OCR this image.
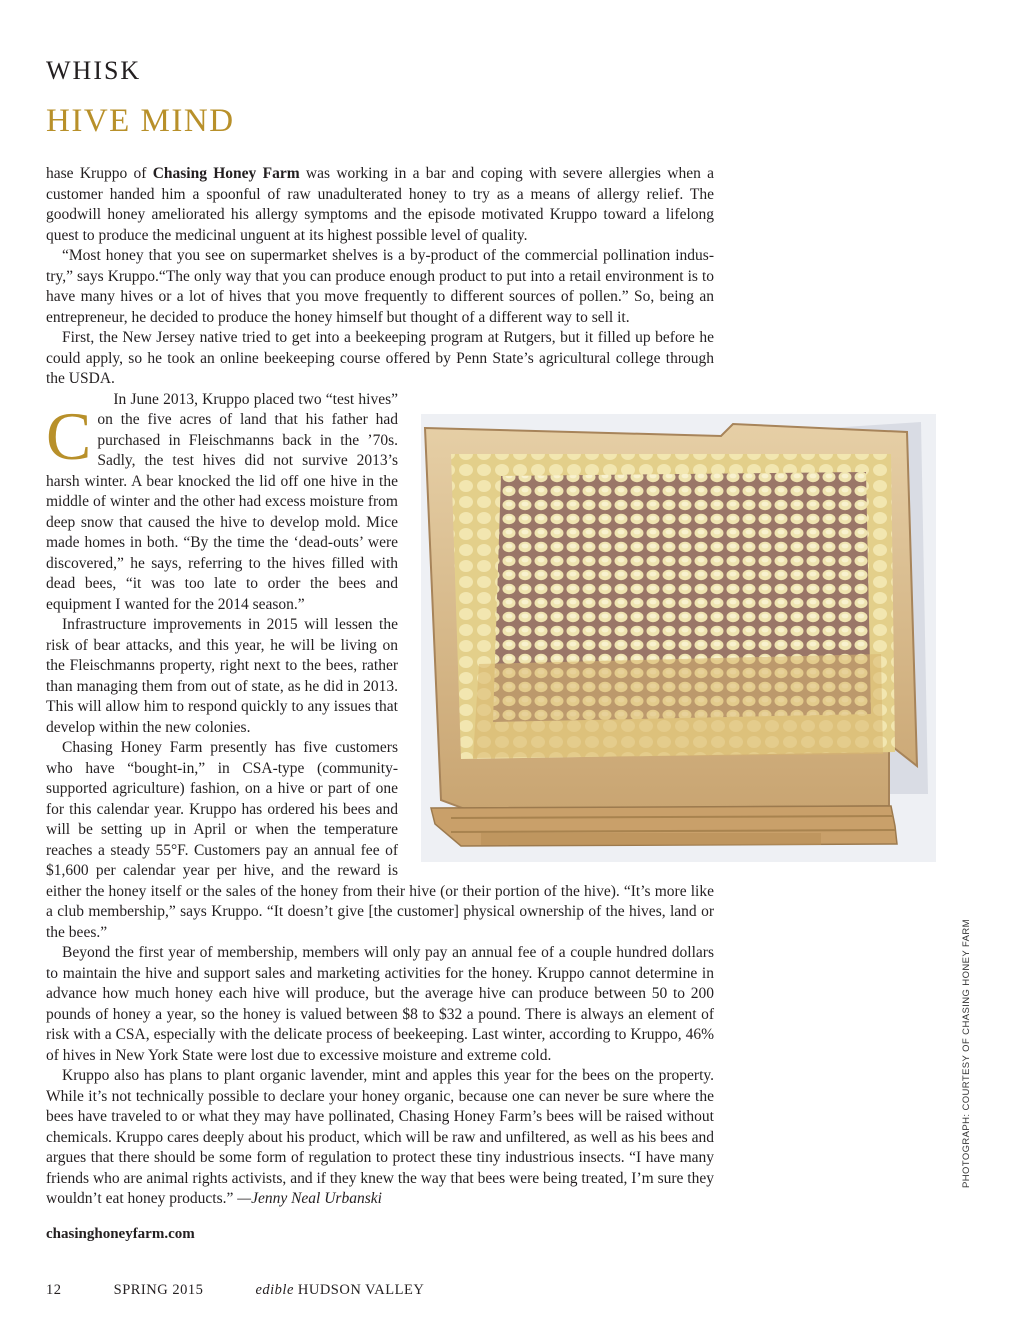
WHISK
HIVE MIND

C
hase Kruppo of Chasing Honey Farm was working in a bar and coping with severe allergies when a customer handed him a spoonful of raw unadulterated honey to try as a means of allergy relief. The goodwill honey ameliorated his allergy symptoms and the episode motivated Kruppo toward a lifelong quest to produce the medicinal unguent at its highest possible level of quality.

“Most honey that you see on supermarket shelves is a by-product of the commercial pollination industry,” says Kruppo.“The only way that you can produce enough product to put into a retail environment is to have many hives or a lot of hives that you move frequently to different sources of pollen.” So, being an entrepreneur, he decided to produce the honey himself but thought of a different way to sell it.

First, the New Jersey native tried to get into a beekeeping program at Rutgers, but it filled up before he could apply, so he took an online beekeeping course offered by Penn State’s agricultural college through the USDA.

In June 2013, Kruppo placed two “test hives” on the five acres of land that his father had purchased in Fleischmanns back in the ’70s. Sadly, the test hives did not survive 2013’s harsh winter. A bear knocked the lid off one hive in the middle of winter and the other had excess moisture from deep snow that caused the hive to develop mold. Mice made homes in both. “By the time the ‘dead-outs’ were discovered,” he says, referring to the hives filled with dead bees, “it was too late to order the bees and equipment I wanted for the 2014 season.”

Infrastructure improvements in 2015 will lessen the risk of bear attacks, and this year, he will be living on the Fleischmanns property, right next to the bees, rather than managing them from out of state, as he did in 2013. This will allow him to respond quickly to any issues that develop within the new colonies.

Chasing Honey Farm presently has five customers who have “bought-in,” in CSA-type (community-supported agriculture) fashion, on a hive or part of one for this calendar year. Kruppo has ordered his bees and will be setting up in April or when the temperature reaches a steady 55°F. Customers pay an annual fee of $1,600 per calendar year per hive, and the reward is either the honey itself or the sales of the honey from their hive (or their portion of the hive). “It’s more like a club membership,” says Kruppo. “It doesn’t give [the customer] physical ownership of the hives, land or the bees.”

Beyond the first year of membership, members will only pay an annual fee of a couple hundred dollars to maintain the hive and support sales and marketing activities for the honey. Kruppo cannot determine in advance how much honey each hive will produce, but the average hive can produce between 50 to 200 pounds of honey a year, so the honey is valued between $8 to $32 a pound. There is always an element of risk with a CSA, especially with the delicate process of beekeeping. Last winter, according to Kruppo, 46% of hives in New York State were lost due to excessive moisture and extreme cold.

Kruppo also has plans to plant organic lavender, mint and apples this year for the bees on the property. While it’s not technically possible to declare your honey organic, because one can never be sure where the bees have traveled to or what they may have pollinated, Chasing Honey Farm’s bees will be raised without chemicals. Kruppo cares deeply about his product, which will be raw and unfiltered, as well as his bees and argues that there should be some form of regulation to protect these tiny industrious insects. “I have many friends who are animal rights activists, and if they knew the way that bees were being treated, I’m sure they wouldn’t eat honey products.” —Jenny Neal Urbanski

PHOTOGRAPH: COURTESY OF CHASING HONEY FARM
chasinghoneyfarm.com
12	SPRING 2015	edible HUDSON VALLEY
